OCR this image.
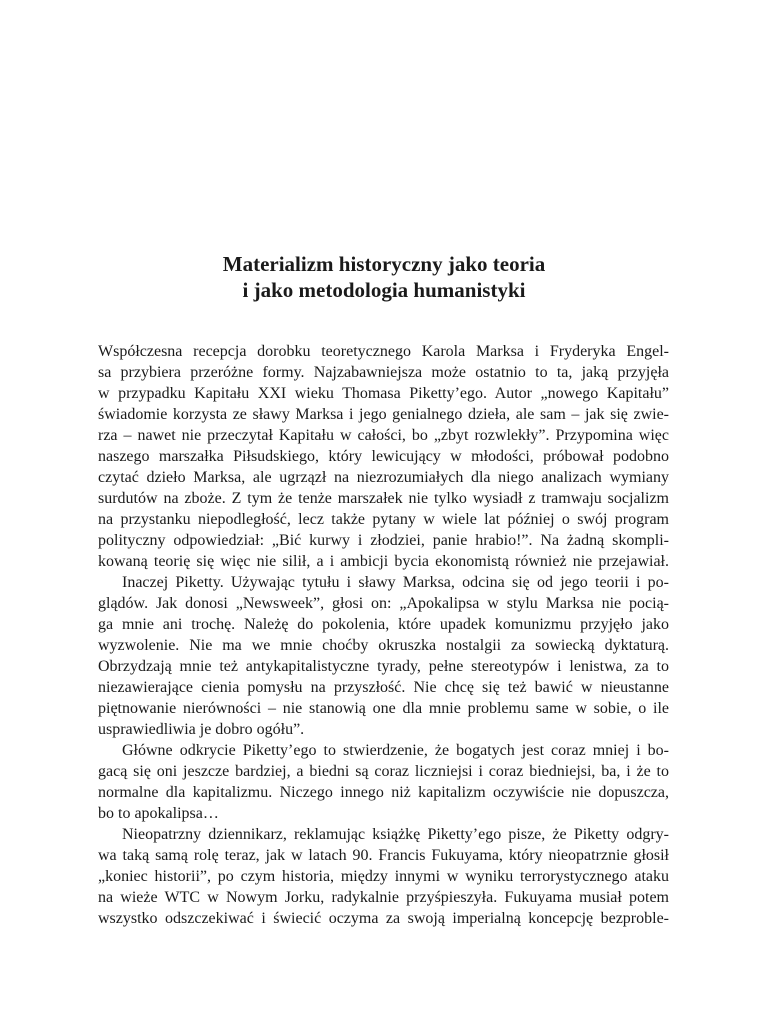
Materializm historyczny jako teoria
i jako metodologia humanistyki
Współczesna recepcja dorobku teoretycznego Karola Marksa i Fryderyka Engel-
sa przybiera przeróżne formy. Najzabawniejsza może ostatnio to ta, jaką przyjęła
w przypadku Kapitału XXI wieku Thomasa Piketty’ego. Autor „nowego Kapitału”
świadomie korzysta ze sławy Marksa i jego genialnego dzieła, ale sam – jak się zwie-
rza – nawet nie przeczytał Kapitału w całości, bo „zbyt rozwlekły”. Przypomina więc
naszego marszałka Piłsudskiego, który lewicujący w młodości, próbował podobno
czytać dzieło Marksa, ale ugrzązł na niezrozumiałych dla niego analizach wymiany
surdutów na zboże. Z tym że tenże marszałek nie tylko wysiadł z tramwaju socjalizm
na przystanku niepodległość, lecz także pytany w wiele lat później o swój program
polityczny odpowiedział: „Bić kurwy i złodziei, panie hrabio!”. Na żadną skompli-
kowaną teorię się więc nie silił, a i ambicji bycia ekonomistą również nie przejawiał.
Inaczej Piketty. Używając tytułu i sławy Marksa, odcina się od jego teorii i po-
glądów. Jak donosi „Newsweek”, głosi on: „Apokalipsa w stylu Marksa nie pocią-
ga mnie ani trochę. Należę do pokolenia, które upadek komunizmu przyjęło jako
wyzwolenie. Nie ma we mnie choćby okruszka nostalgii za sowiecką dyktaturą.
Obrzydzają mnie też antykapitalistyczne tyrady, pełne stereotypów i lenistwa, za to
niezawierające cienia pomysłu na przyszłość. Nie chcę się też bawić w nieustanne
piętnowanie nierówności – nie stanowią one dla mnie problemu same w sobie, o ile
usprawiedliwia je dobro ogółu”.
Główne odkrycie Piketty’ego to stwierdzenie, że bogatych jest coraz mniej i bo-
gacą się oni jeszcze bardziej, a biedni są coraz liczniejsi i coraz biedniejsi, ba, i że to
normalne dla kapitalizmu. Niczego innego niż kapitalizm oczywiście nie dopuszcza,
bo to apokalipsa…
Nieopatrzny dziennikarz, reklamując książkę Piketty’ego pisze, że Piketty odgry-
wa taką samą rolę teraz, jak w latach 90. Francis Fukuyama, który nieopatrznie głosił
„koniec historii”, po czym historia, między innymi w wyniku terrorystycznego ataku
na wieże WTC w Nowym Jorku, radykalnie przyśpieszyła. Fukuyama musiał potem
wszystko odszczekiwać i świecić oczyma za swoją imperialną koncepcję bezproble-
